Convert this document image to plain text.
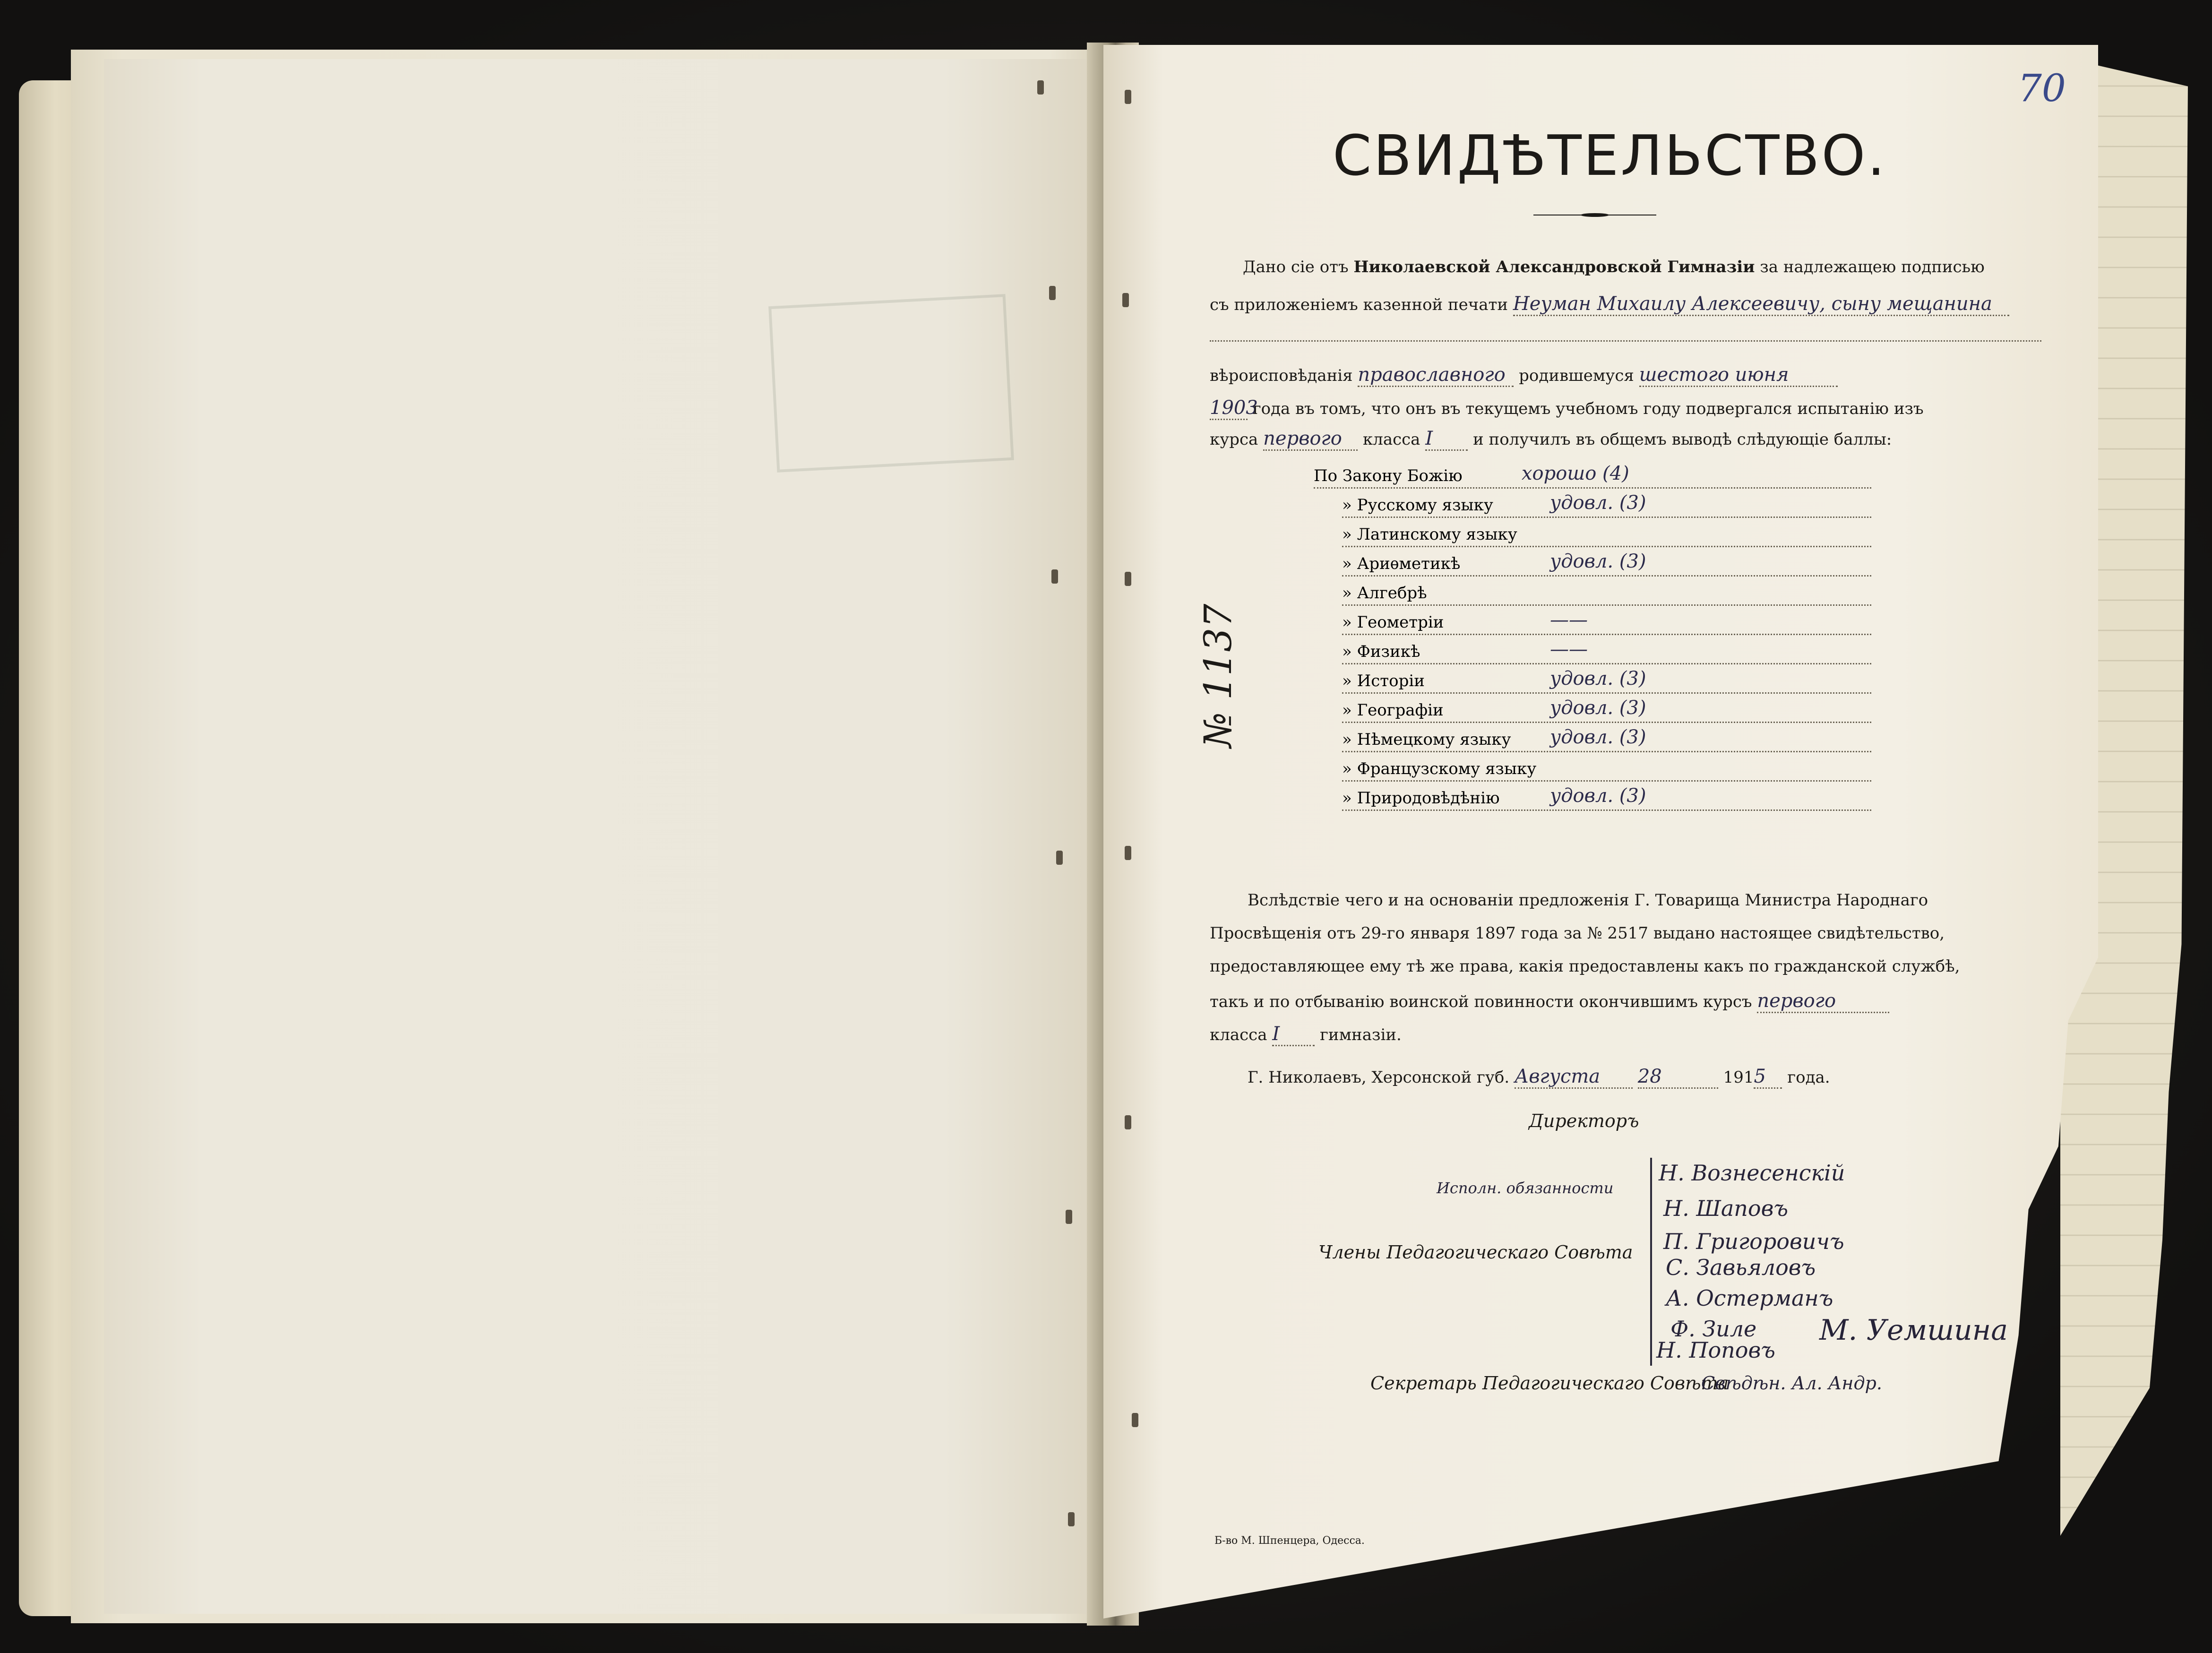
70
СВИДѢТЕЛЬСТВО.
Дано сіе отъ Николаевской Александровской Гимназіи за надлежащею подписью
съ приложеніемъ казенной печати Неуман Михаилу Алексеевичу, сыну мещанина
вѣроисповѣданія православного родившемуся шестого июня
1903 года въ томъ, что онъ въ текущемъ учебномъ году подвергался испытанію изъ
курса первого класса I	и получилъ въ общемъ выводѣ слѣдующіе баллы:
По Закону Божію	хорошо (4)
» Русскому языку	удовл. (3)
» Латинскому языку
» Ариѳметикѣ	удовл. (3)
» Алгебрѣ
» Геометріи	——
» Физикѣ	——
» Исторіи	удовл. (3)
» Географіи	удовл. (3)
» Нѣмецкому языку удовл. (3)
» Французскому языку
» Природовѣдѣнію	удовл. (3)
№ 1137
Вслѣдствіе чего и на основаніи предложенія Г. Товарища Министра Народнаго
Просвѣщенія отъ 29-го января 1897 года за № 2517 выдано настоящее свидѣтельство,
предоставляющее ему тѣ же права, какія предоставлены какъ по гражданской службѣ,
такъ и по отбыванію воинской повинности окончившимъ курсъ первого
класса I	гимназіи.
Г. Николаевъ, Херсонской губ. Августа 28	1915 года.
Директоръ
Исполн. обязанности
Члены Педагогическаго Совѣта
Н. Вознесенскій
Н. Шаповъ
П. Григоровичъ
С. Завьяловъ
А. Остерманъ
Ф. Зиле
Н. Поповъ
М. Уемшина
Секретарь Педагогическаго Совѣта
Свѣдѣн. Ал. Андр.
Б-во М. Шпенцера, Одесса.
